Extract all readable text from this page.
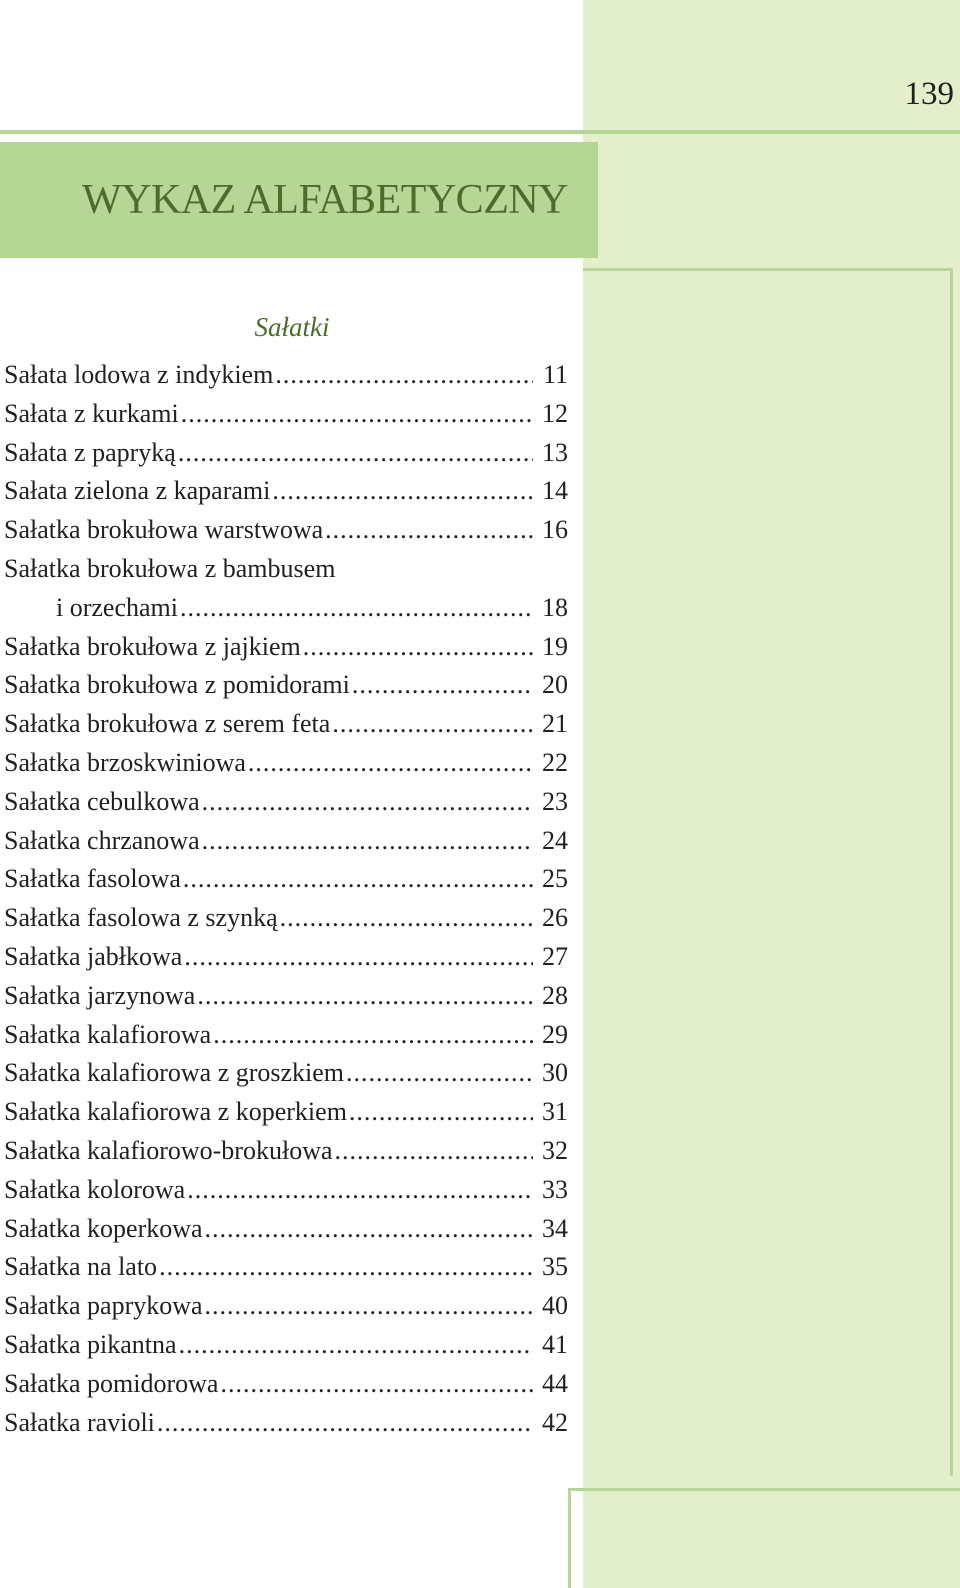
139
WYKAZ ALFABETYCZNY
Sałatki
Sałata lodowa z indykiem .....	11
Sałata z kurkami .....	12
Sałata z papryką .....	13
Sałata zielona z kaparami .....	14
Sałatka brokułowa warstwowa .....	16
Sałatka brokułowa z bambusem
i orzechami .....	18
Sałatka brokułowa z jajkiem .....	19
Sałatka brokułowa z pomidorami .....	20
Sałatka brokułowa z serem feta .....	21
Sałatka brzoskwiniowa .....	22
Sałatka cebulkowa .....	23
Sałatka chrzanowa .....	24
Sałatka fasolowa .....	25
Sałatka fasolowa z szynką .....	26
Sałatka jabłkowa .....	27
Sałatka jarzynowa .....	28
Sałatka kalafiorowa .....	29
Sałatka kalafiorowa z groszkiem .....	30
Sałatka kalafiorowa z koperkiem .....	31
Sałatka kalafiorowo-brokułowa .....	32
Sałatka kolorowa .....	33
Sałatka koperkowa .....	34
Sałatka na lato .....	35
Sałatka paprykowa .....	40
Sałatka pikantna .....	41
Sałatka pomidorowa .....	44
Sałatka ravioli .....	42
